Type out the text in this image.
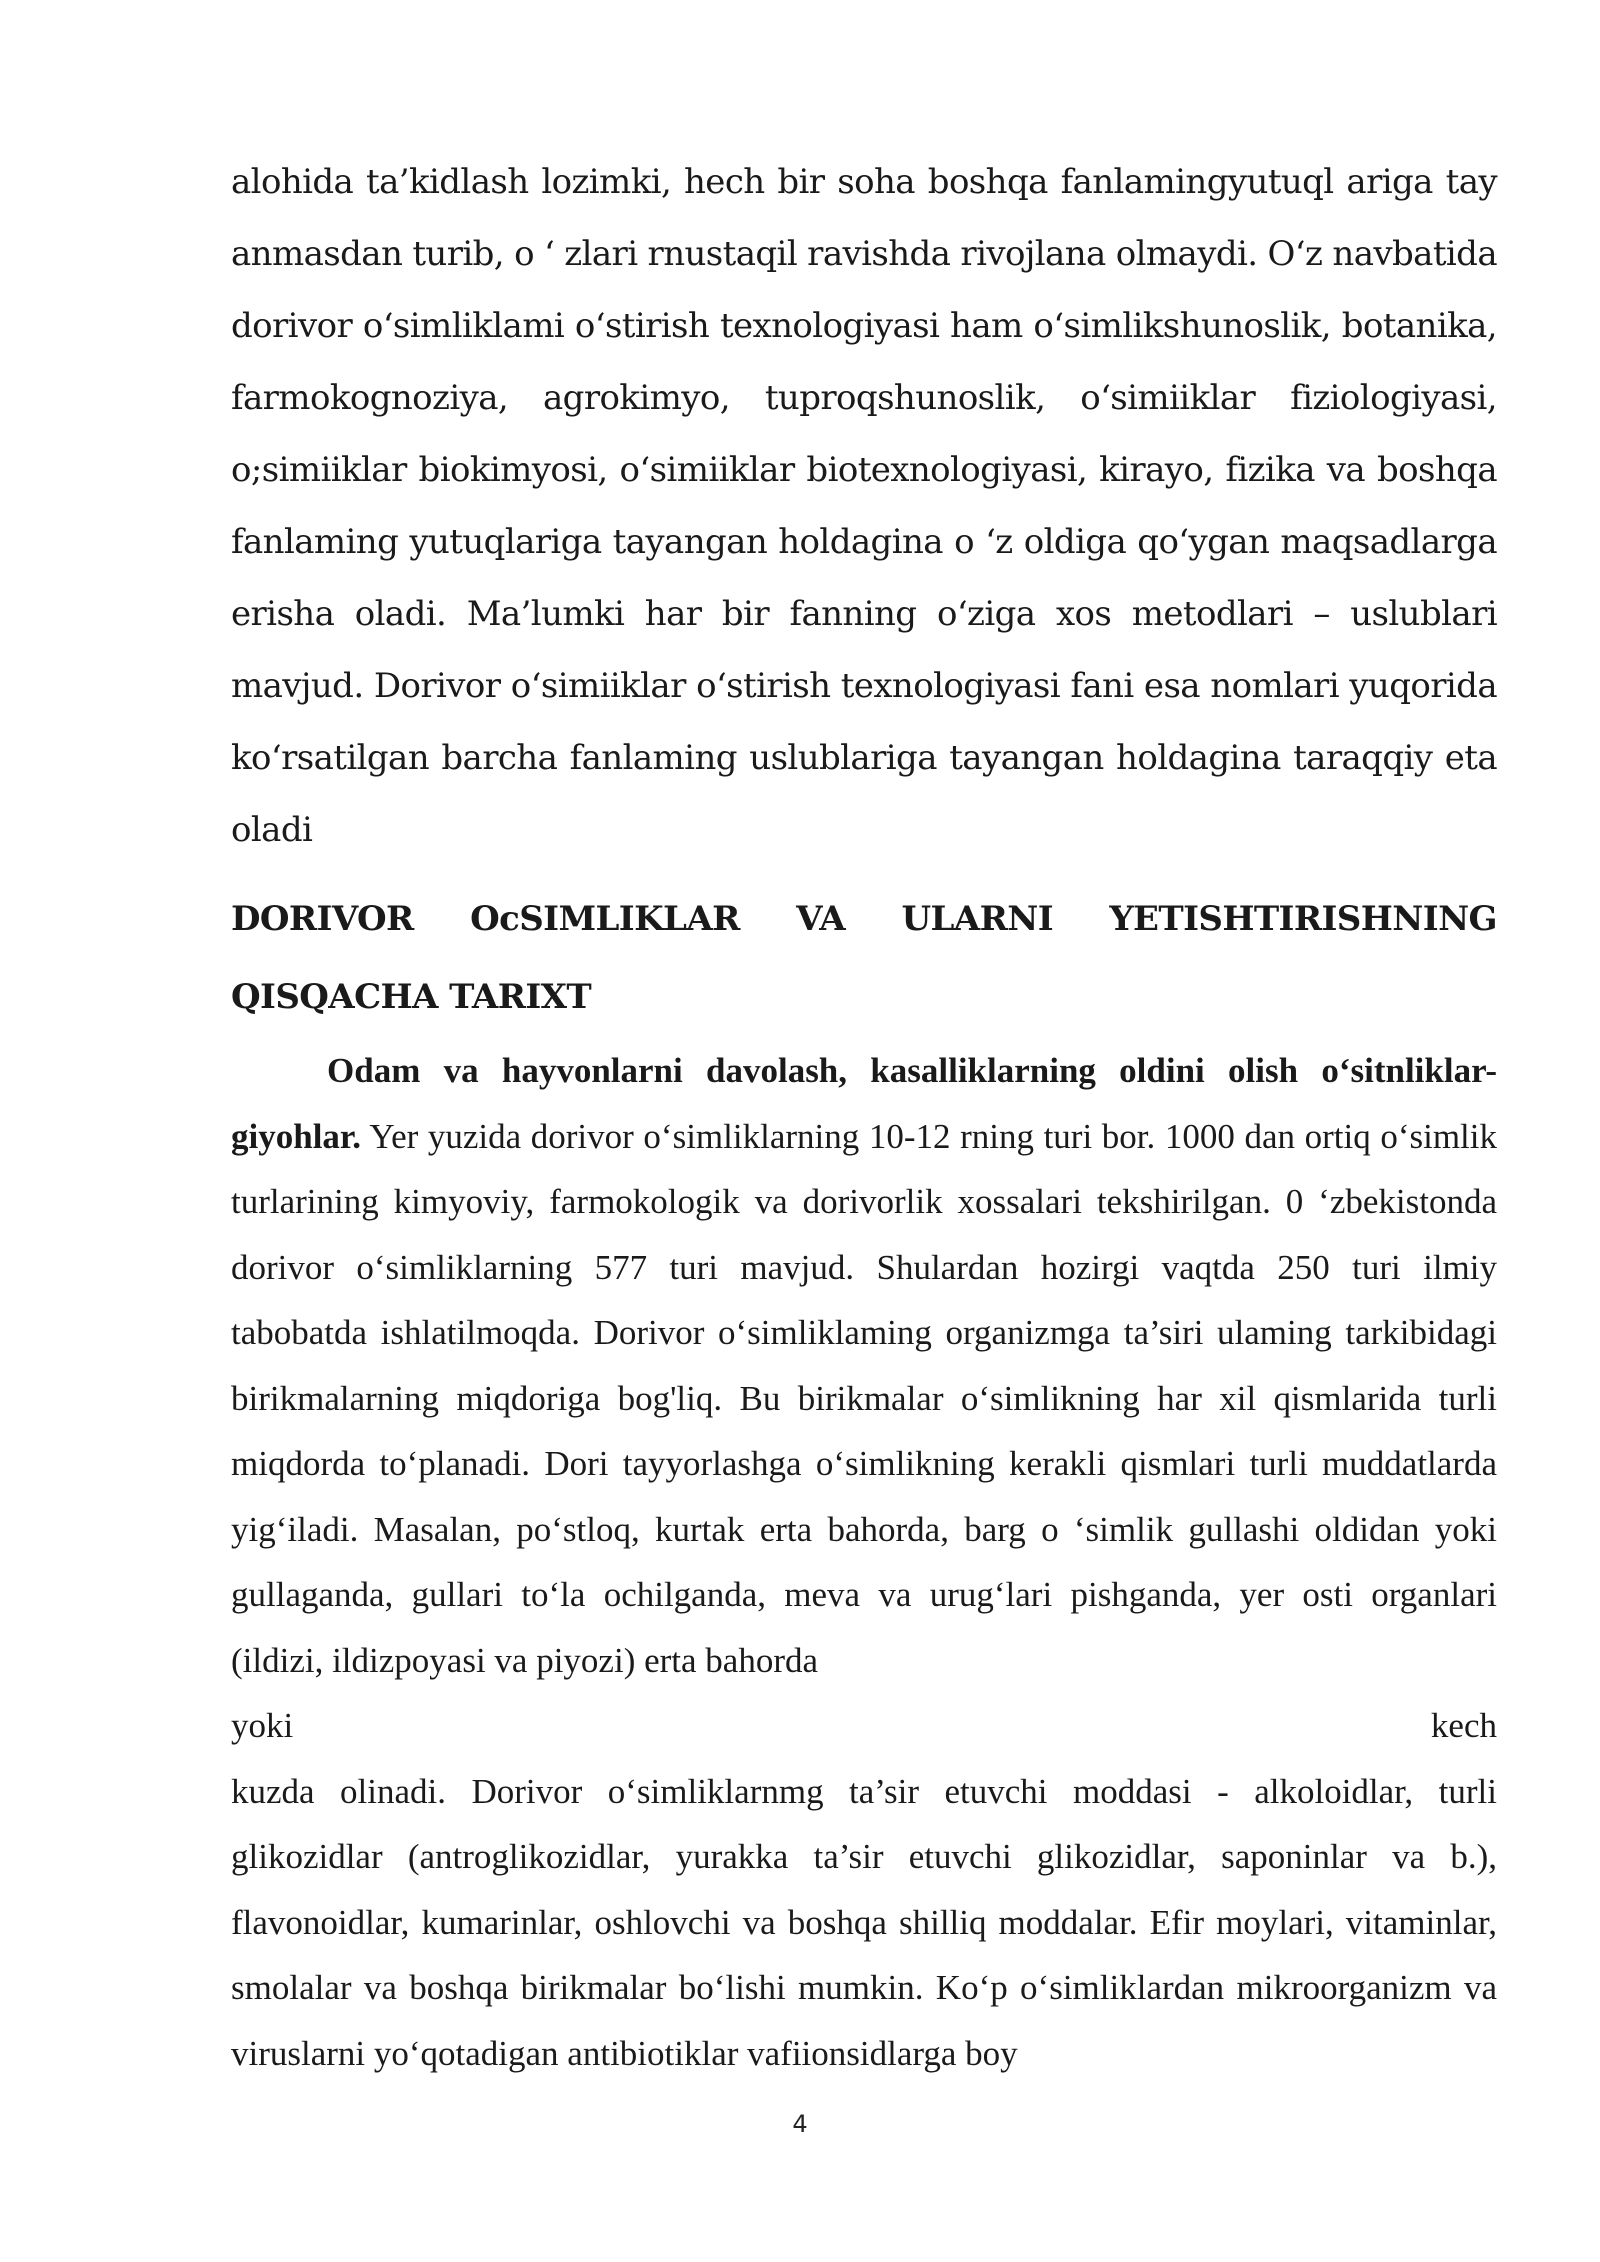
alohida ta’kidlash lozimki, hech bir soha boshqa fanlamingyutuql ariga tay anmasdan turib, o ‘ zlari rnustaqil ravishda rivojlana olmaydi. O‘z navbatida dorivor o‘simliklami o‘stirish texnologiyasi ham o‘simlikshunoslik, botanika, farmokognoziya, agrokimyo, tuproqshunoslik, o‘simiiklar fiziologiyasi, o;simiiklar biokimyosi, o‘simiiklar biotexnologiyasi, kirayo, fizika va boshqa fanlaming yutuqlariga tayangan holdagina o ‘z oldiga qo‘ygan maqsadlarga erisha oladi. Ma’lumki har bir fanning o‘ziga xos metodlari – uslublari mavjud. Dorivor o‘simiiklar o‘stirish texnologiyasi fani esa nomlari yuqorida ko‘rsatilgan barcha fanlaming uslublariga tayangan holdagina taraqqiy eta oladi

DORIVOR OcSIMLIKLAR VA ULARNI YETISHTIRISHNING
QISQACHA TARIXT

Odam va hayvonlarni davolash, kasalliklarning oldini olish o‘sitnliklar-giyohlar. Yer yuzida dorivor o‘simliklarning 10-12 rning turi bor. 1000 dan ortiq o‘simlik turlarining kimyoviy, farmokologik va dorivorlik xossalari tekshirilgan. 0 ‘zbekistonda dorivor o‘simliklarning 577 turi mavjud. Shulardan hozirgi vaqtda 250 turi ilmiy tabobatda ishlatilmoqda. Dorivor o‘simliklaming organizmga ta’siri ulaming tarkibidagi birikmalarning miqdoriga bog'liq. Bu birikmalar o‘simlikning har xil qismlarida turli miqdorda to‘planadi. Dori tayyorlashga o‘simlikning kerakli qismlari turli muddatlarda yig‘iladi. Masalan, po‘stloq, kurtak erta bahorda, barg o ‘simlik gullashi oldidan yoki gullaganda, gullari to‘la ochilganda, meva va urug‘lari pishganda, yer osti organlari (ildizi, ildizpoyasi va piyozi) erta bahorda
yoki kech
kuzda olinadi. Dorivor o‘simliklarnmg ta’sir etuvchi moddasi - alkoloidlar, turli glikozidlar (antroglikozidlar, yurakka ta’sir etuvchi glikozidlar, saponinlar va b.), flavonoidlar, kumarinlar, oshlovchi va boshqa shilliq moddalar. Efir moylari, vitaminlar, smolalar va boshqa birikmalar bo‘lishi mumkin. Ko‘p o‘simliklardan mikroorganizm va viruslarni yo‘qotadigan antibiotiklar vafiionsidlarga boy

4
